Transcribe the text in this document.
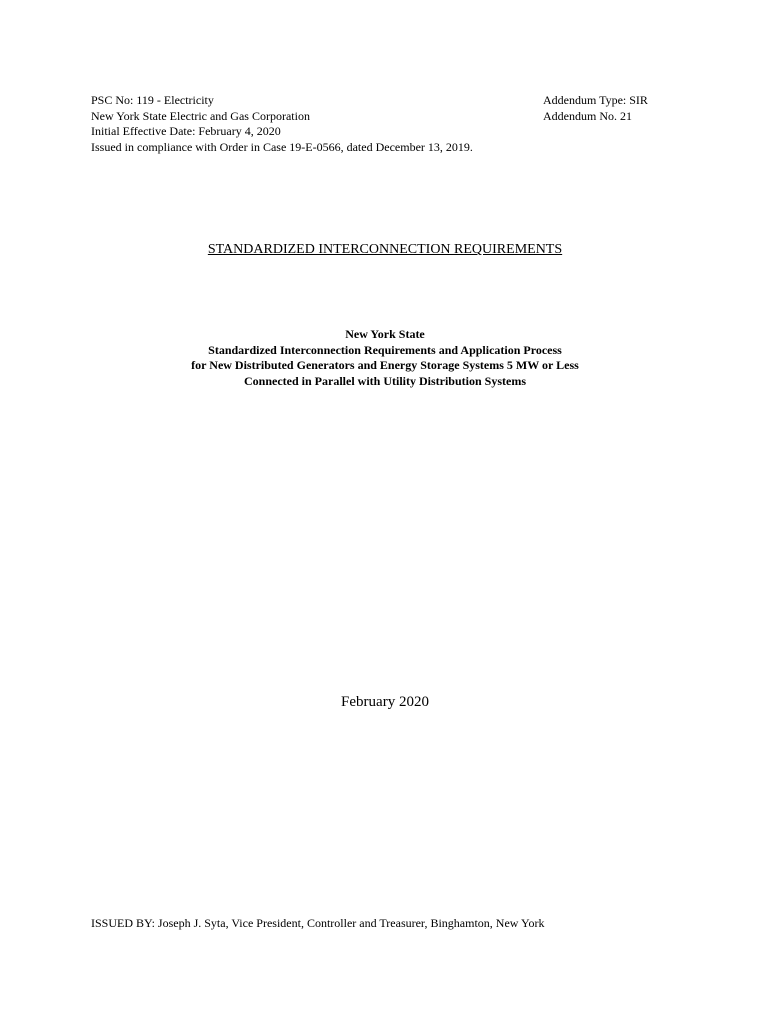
PSC No: 119 - Electricity
New York State Electric and Gas Corporation
Initial Effective Date: February 4, 2020
Issued in compliance with Order in Case 19-E-0566, dated December 13, 2019.
Addendum Type: SIR
Addendum No. 21
STANDARDIZED INTERCONNECTION REQUIREMENTS
New York State
Standardized Interconnection Requirements and Application Process
for New Distributed Generators and Energy Storage Systems 5 MW or Less
Connected in Parallel with Utility Distribution Systems
February 2020
ISSUED BY: Joseph J. Syta, Vice President, Controller and Treasurer, Binghamton, New York
